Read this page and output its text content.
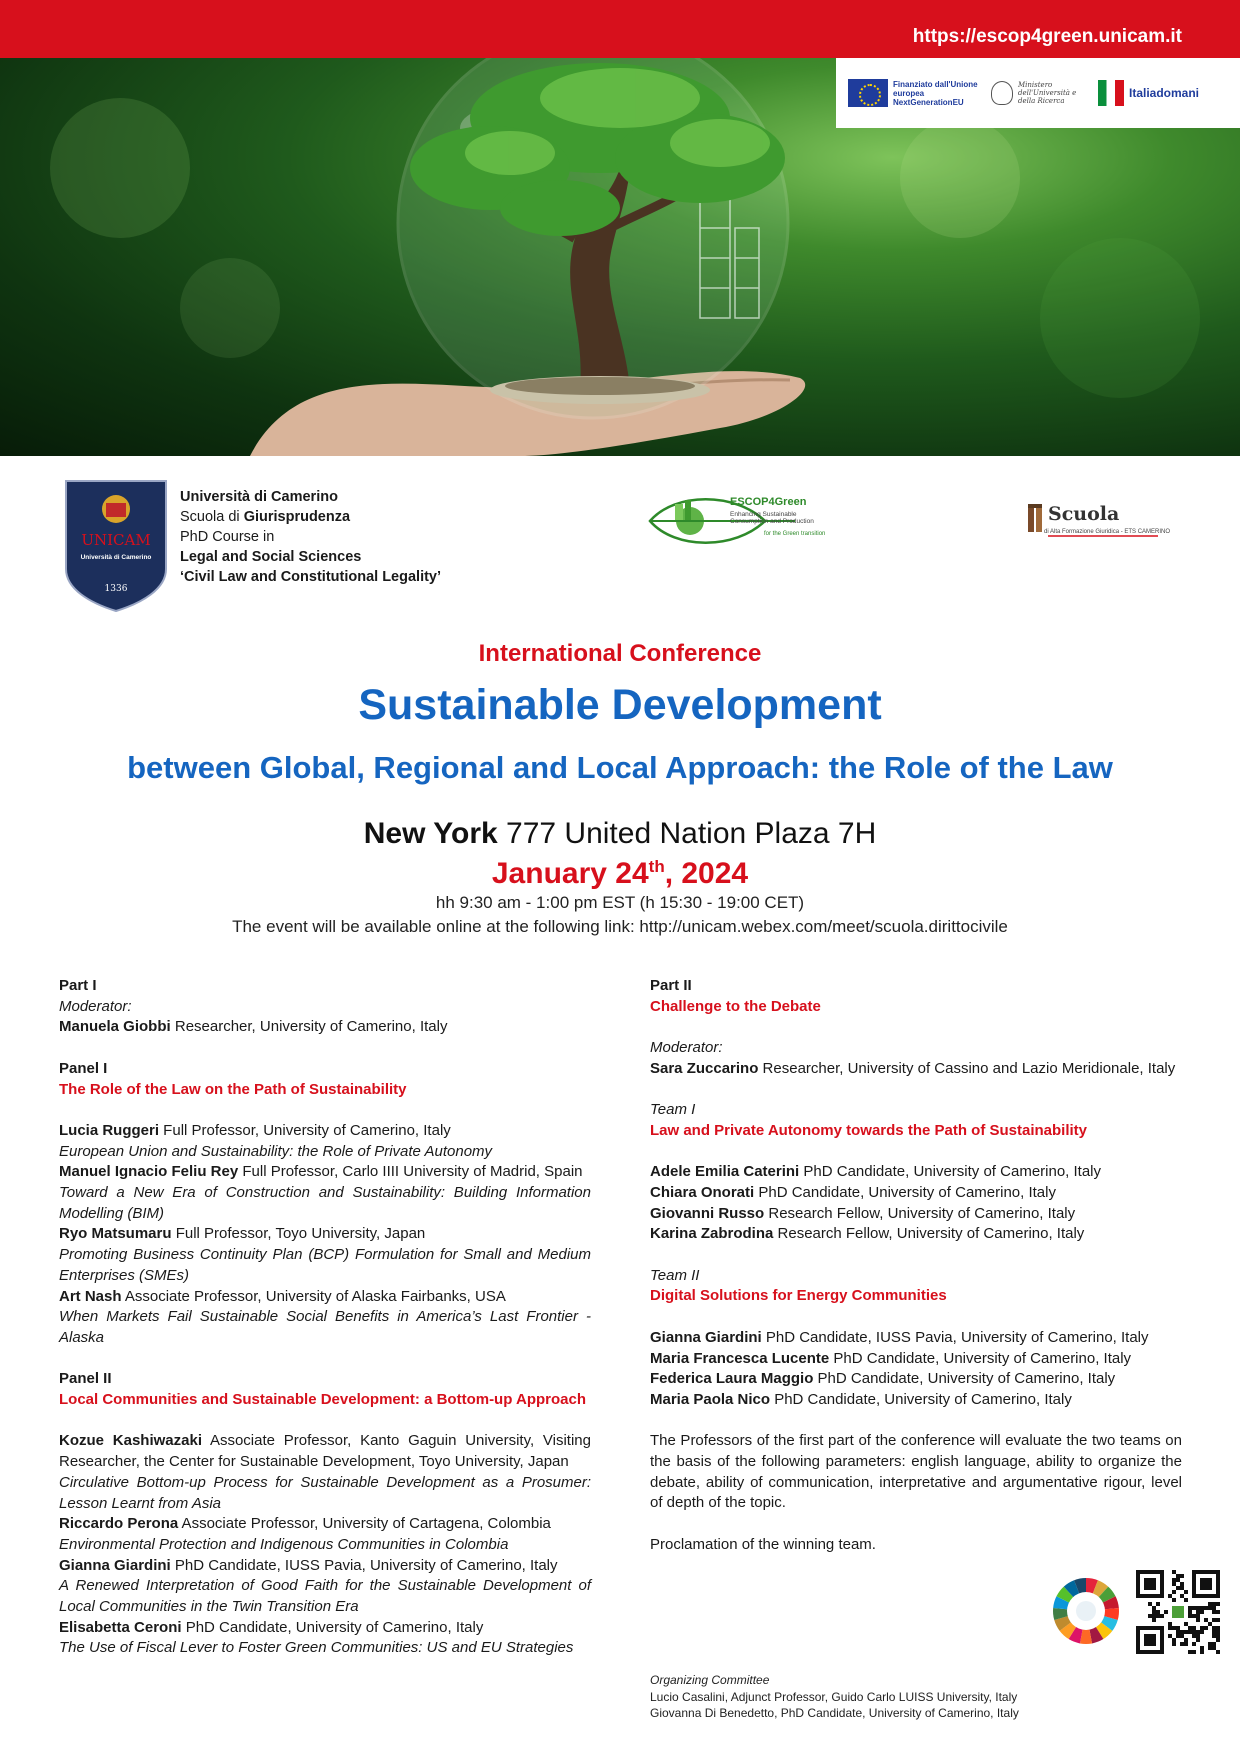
https://escop4green.unicam.it
Finanziato dall'Unione europea NextGenerationEU
Ministero dell'Università e della Ricerca
Italiadomani
UNICAM
Università di Camerino
1336
Università di Camerino
Scuola di Giurisprudenza
PhD Course in
Legal and Social Sciences
‘Civil Law and Constitutional Legality’
ESCOP4Green
Enhancing Sustainable Consumption and Production
for the Green transition
Scuola
di Alta Formazione Giuridica - ETS CAMERINO
International Conference
Sustainable Development
between Global, Regional and Local Approach: the Role of the Law
New York 777 United Nation Plaza 7H
January 24th, 2024
hh 9:30 am - 1:00 pm EST (h 15:30 - 19:00 CET)
The event will be available online at the following link: http://unicam.webex.com/meet/scuola.dirittocivile

Part I

Moderator:

Manuela Giobbi Researcher, University of Camerino, Italy

Panel I

The Role of the Law on the Path of Sustainability

Lucia Ruggeri Full Professor, University of Camerino, Italy

European Union and Sustainability: the Role of Private Autonomy

Manuel Ignacio Feliu Rey Full Professor, Carlo IIII University of Madrid, Spain

Toward a New Era of Construction and Sustainability: Building Information Modelling (BIM)

Ryo Matsumaru Full Professor, Toyo University, Japan

Promoting Business Continuity Plan (BCP) Formulation for Small and Medium Enterprises (SMEs)

Art Nash Associate Professor, University of Alaska Fairbanks, USA

When Markets Fail Sustainable Social Benefits in America’s Last Frontier - Alaska

Panel II

Local Communities and Sustainable Development: a Bottom-up Approach

Kozue Kashiwazaki Associate Professor, Kanto Gaguin University, Visiting Researcher, the Center for Sustainable Development, Toyo University, Japan

Circulative Bottom-up Process for Sustainable Development as a Prosumer: Lesson Learnt from Asia

Riccardo Perona Associate Professor, University of Cartagena, Colombia

Environmental Protection and Indigenous Communities in Colombia

Gianna Giardini PhD Candidate, IUSS Pavia, University of Camerino, Italy

A Renewed Interpretation of Good Faith for the Sustainable Development of Local Communities in the Twin Transition Era

Elisabetta Ceroni PhD Candidate, University of Camerino, Italy

The Use of Fiscal Lever to Foster Green Communities: US and EU Strategies

Part II

Challenge to the Debate

Moderator:

Sara Zuccarino Researcher, University of Cassino and Lazio Meridionale, Italy

Team I

Law and Private Autonomy towards the Path of Sustainability

Adele Emilia Caterini PhD Candidate, University of Camerino, Italy

Chiara Onorati PhD Candidate, University of Camerino, Italy

Giovanni Russo Research Fellow, University of Camerino, Italy

Karina Zabrodina Research Fellow, University of Camerino, Italy

Team II

Digital Solutions for Energy Communities

Gianna Giardini PhD Candidate, IUSS Pavia, University of Camerino, Italy

Maria Francesca Lucente PhD Candidate, University of Camerino, Italy

Federica Laura Maggio PhD Candidate, University of Camerino, Italy

Maria Paola Nico PhD Candidate, University of Camerino, Italy

The Professors of the first part of the conference will evaluate the two teams on the basis of the following parameters: english language, ability to organize the debate, ability of communication, interpretative and argumentative rigour, level of depth of the topic.

Proclamation of the winning team.

Organizing Committee
Lucio Casalini, Adjunct Professor, Guido Carlo LUISS University, Italy
Giovanna Di Benedetto, PhD Candidate, University of Camerino, Italy
